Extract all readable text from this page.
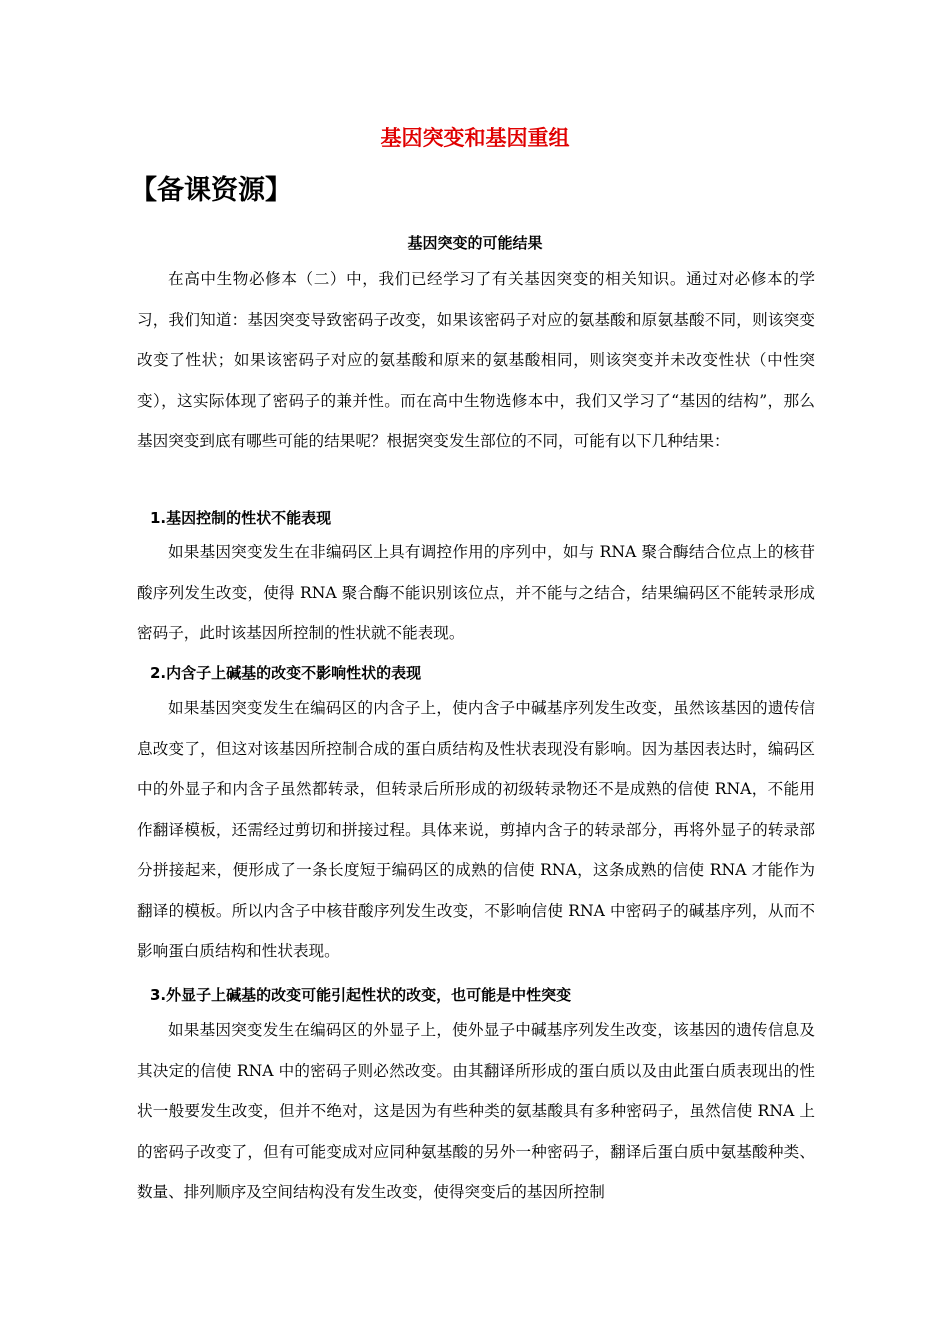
基因突变和基因重组
【备课资源】
基因突变的可能结果
在高中生物必修本（二）中，我们已经学习了有关基因突变的相关知识。通过对必修本的学习，我们知道：基因突变导致密码子改变，如果该密码子对应的氨基酸和原氨基酸不同，则该突变改变了性状；如果该密码子对应的氨基酸和原来的氨基酸相同，则该突变并未改变性状（中性突变），这实际体现了密码子的兼并性。而在高中生物选修本中，我们又学习了“基因的结构”，那么基因突变到底有哪些可能的结果呢？根据突变发生部位的不同，可能有以下几种结果：
1.基因控制的性状不能表现
如果基因突变发生在非编码区上具有调控作用的序列中，如与 RNA 聚合酶结合位点上的核苷酸序列发生改变，使得 RNA 聚合酶不能识别该位点，并不能与之结合，结果编码区不能转录形成密码子，此时该基因所控制的性状就不能表现。
2.内含子上碱基的改变不影响性状的表现
如果基因突变发生在编码区的内含子上，使内含子中碱基序列发生改变，虽然该基因的遗传信息改变了，但这对该基因所控制合成的蛋白质结构及性状表现没有影响。因为基因表达时，编码区中的外显子和内含子虽然都转录，但转录后所形成的初级转录物还不是成熟的信使 RNA，不能用作翻译模板，还需经过剪切和拼接过程。具体来说，剪掉内含子的转录部分，再将外显子的转录部分拼接起来，便形成了一条长度短于编码区的成熟的信使 RNA，这条成熟的信使 RNA 才能作为翻译的模板。所以内含子中核苷酸序列发生改变，不影响信使 RNA 中密码子的碱基序列，从而不影响蛋白质结构和性状表现。
3.外显子上碱基的改变可能引起性状的改变，也可能是中性突变
如果基因突变发生在编码区的外显子上，使外显子中碱基序列发生改变，该基因的遗传信息及其决定的信使 RNA 中的密码子则必然改变。由其翻译所形成的蛋白质以及由此蛋白质表现出的性状一般要发生改变，但并不绝对，这是因为有些种类的氨基酸具有多种密码子，虽然信使 RNA 上的密码子改变了，但有可能变成对应同种氨基酸的另外一种密码子，翻译后蛋白质中氨基酸种类、数量、排列顺序及空间结构没有发生改变，使得突变后的基因所控制
